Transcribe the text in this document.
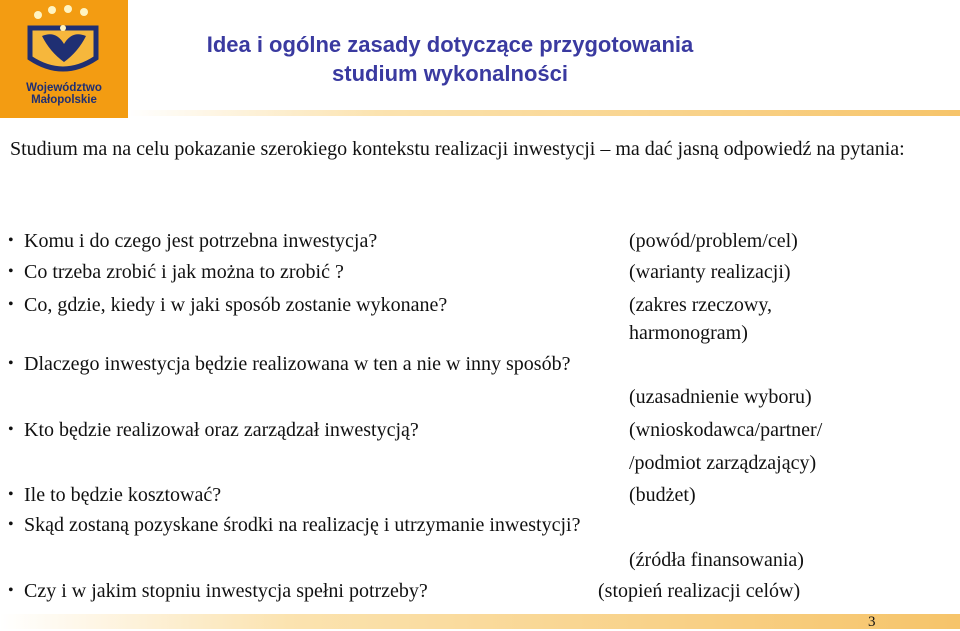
Województwo
Małopolskie
Idea i ogólne zasady dotyczące przygotowania
studium wykonalności
Studium ma na celu pokazanie szerokiego kontekstu realizacji inwestycji – ma dać jasną odpowiedź na pytania:
• Komu i do czego jest potrzebna inwestycja?	(powód/problem/cel)
• Co trzeba zrobić i jak można to zrobić ?	(warianty realizacji)
• Co, gdzie, kiedy i w jaki sposób zostanie wykonane?	(zakres rzeczowy,
harmonogram)
• Dlaczego inwestycja będzie realizowana w ten a nie w inny sposób?
(uzasadnienie wyboru)
• Kto będzie realizował oraz zarządzał inwestycją?	(wnioskodawca/partner/
/podmiot zarządzający)
• Ile to będzie kosztować?	(budżet)
• Skąd zostaną pozyskane środki na realizację i utrzymanie inwestycji?
(źródła finansowania)
• Czy i w jakim stopniu inwestycja spełni potrzeby?	(stopień realizacji celów)
3
